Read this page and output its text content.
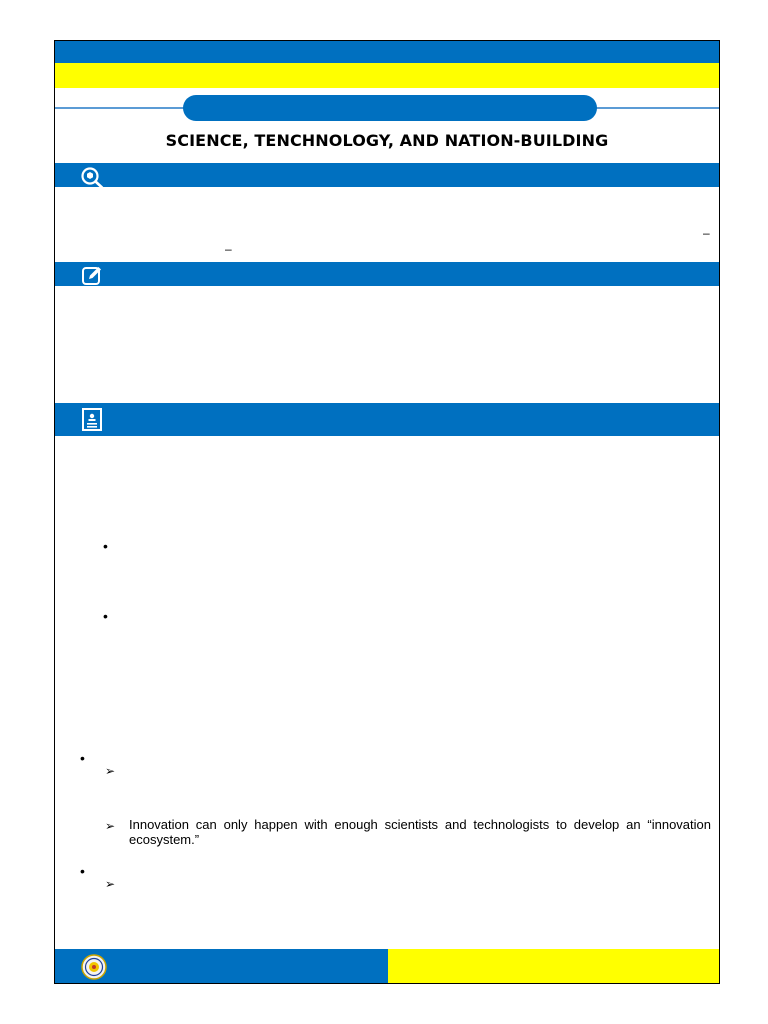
SCIENCE, TENCHNOLOGY, AND NATION-BUILDING
–
–
•
•
•
➢
➢ Innovation can only happen with enough scientists and technologists to develop an “innovation ecosystem.”
•
➢
